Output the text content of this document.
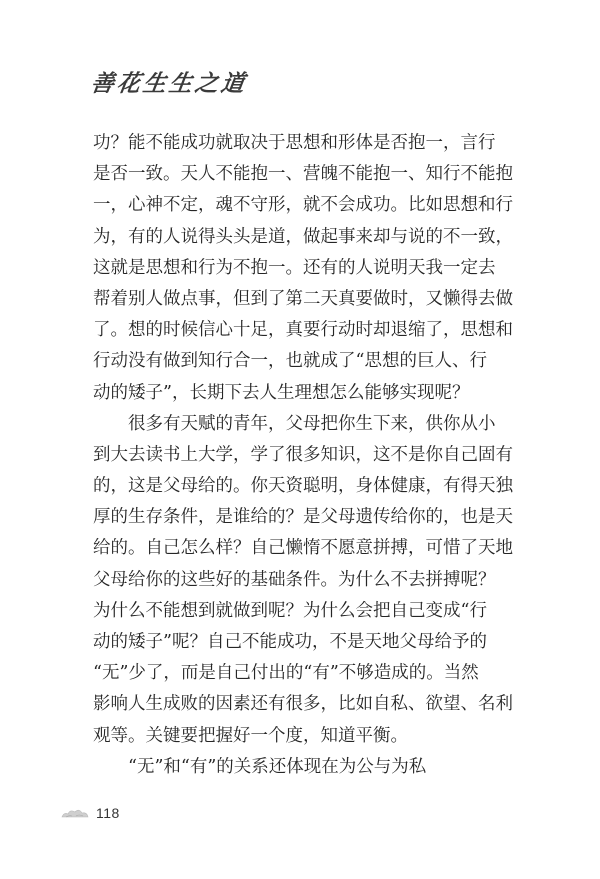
善花生生之道
功？能不能成功就取决于思想和形体是否抱一，言行
是否一致。天人不能抱一、营魄不能抱一、知行不能抱
一，心神不定，魂不守形，就不会成功。比如思想和行
为，有的人说得头头是道，做起事来却与说的不一致，
这就是思想和行为不抱一。还有的人说明天我一定去
帮着别人做点事，但到了第二天真要做时，又懒得去做
了。想的时候信心十足，真要行动时却退缩了，思想和
行动没有做到知行合一，也就成了“思想的巨人、行
动的矮子”，长期下去人生理想怎么能够实现呢？
　　很多有天赋的青年，父母把你生下来，供你从小
到大去读书上大学，学了很多知识，这不是你自己固有
的，这是父母给的。你天资聪明，身体健康，有得天独
厚的生存条件，是谁给的？是父母遗传给你的，也是天
给的。自己怎么样？自己懒惰不愿意拼搏，可惜了天地
父母给你的这些好的基础条件。为什么不去拼搏呢？
为什么不能想到就做到呢？为什么会把自己变成“行
动的矮子”呢？自己不能成功，不是天地父母给予的
“无”少了，而是自己付出的“有”不够造成的。当然
影响人生成败的因素还有很多，比如自私、欲望、名利
观等。关键要把握好一个度，知道平衡。
　　“无”和“有”的关系还体现在为公与为私
118
